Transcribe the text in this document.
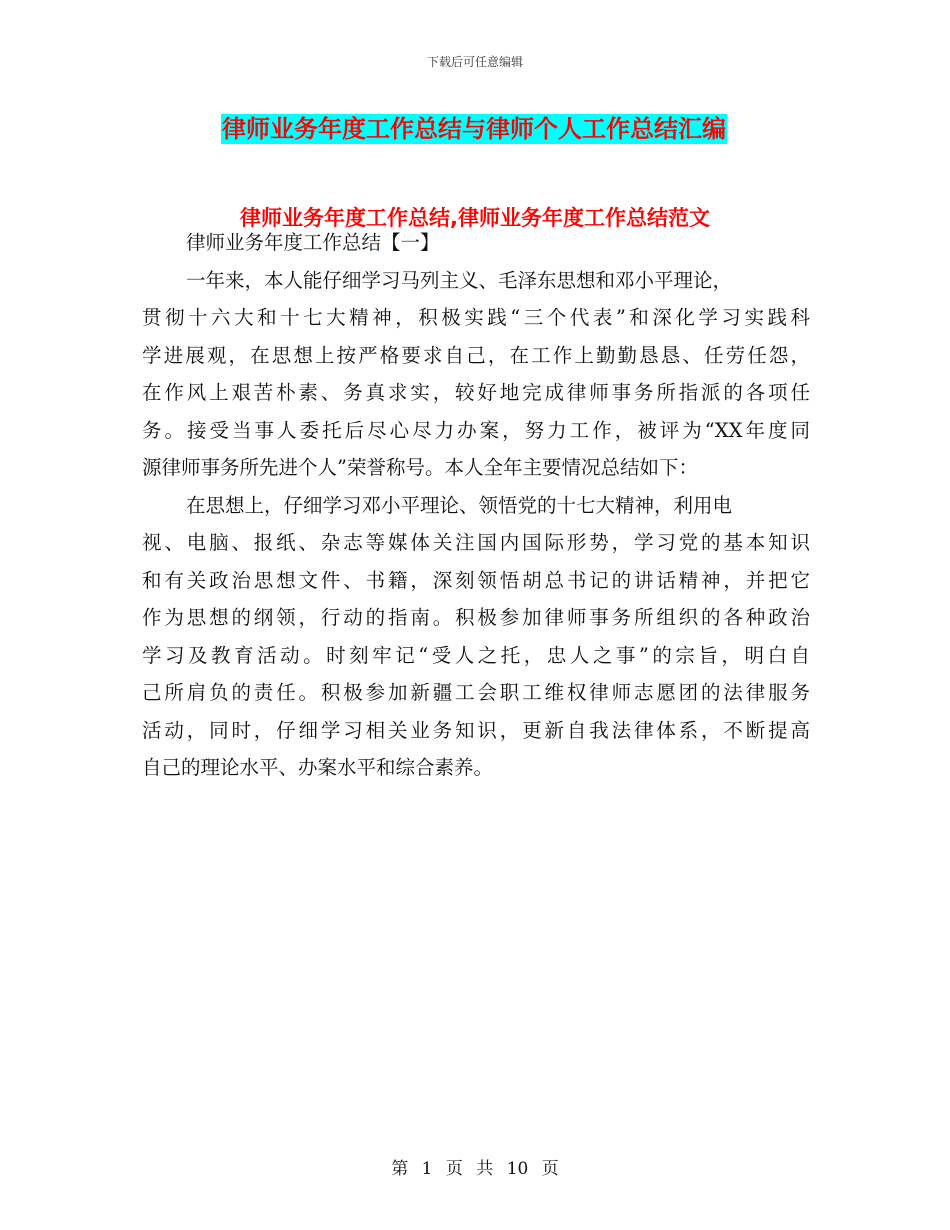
下载后可任意编辑
律师业务年度工作总结与律师个人工作总结汇编
律师业务年度工作总结,律师业务年度工作总结范文
律师业务年度工作总结【一】
一年来，本人能仔细学习马列主义、毛泽东思想和邓小平理论，
贯彻十六大和十七大精神，积极实践“三个代表”和深化学习实践科
学进展观，在思想上按严格要求自己，在工作上勤勤恳恳、任劳任怨，
在作风上艰苦朴素、务真求实，较好地完成律师事务所指派的各项任
务。接受当事人委托后尽心尽力办案，努力工作，被评为“XX年度同
源律师事务所先进个人”荣誉称号。本人全年主要情况总结如下：
在思想上，仔细学习邓小平理论、领悟党的十七大精神，利用电
视、电脑、报纸、杂志等媒体关注国内国际形势，学习党的基本知识
和有关政治思想文件、书籍，深刻领悟胡总书记的讲话精神，并把它
作为思想的纲领，行动的指南。积极参加律师事务所组织的各种政治
学习及教育活动。时刻牢记“受人之托，忠人之事”的宗旨，明白自
己所肩负的责任。积极参加新疆工会职工维权律师志愿团的法律服务
活动，同时，仔细学习相关业务知识，更新自我法律体系，不断提高
自己的理论水平、办案水平和综合素养。
第 1 页 共 10 页
